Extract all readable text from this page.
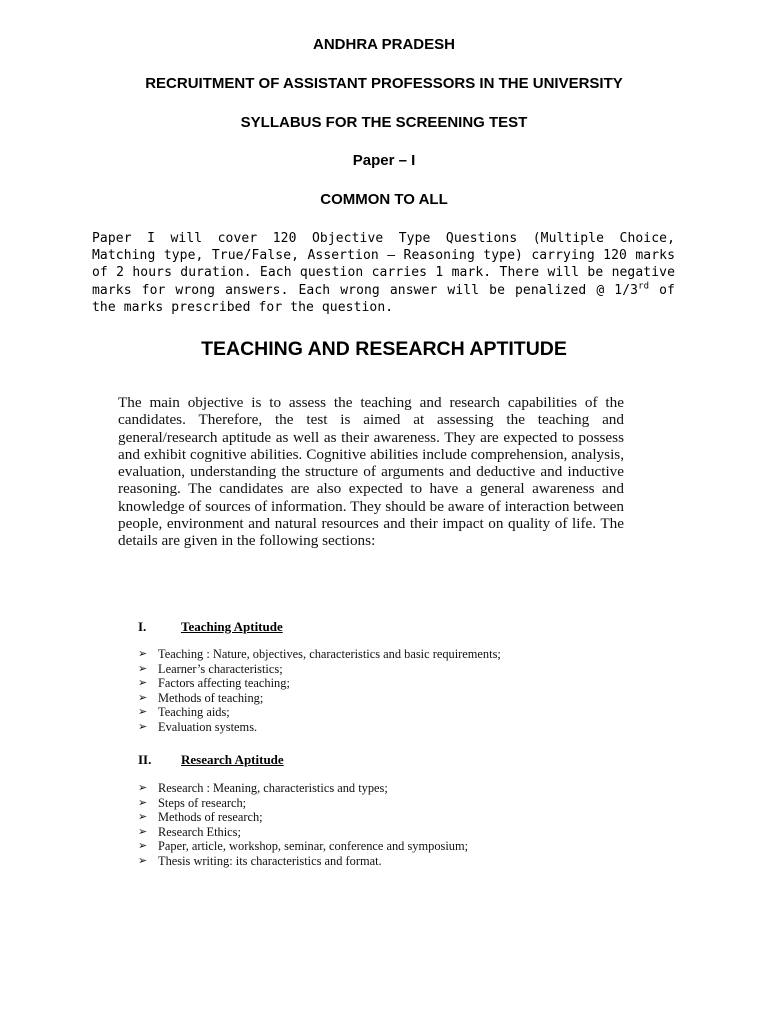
ANDHRA PRADESH
RECRUITMENT OF ASSISTANT PROFESSORS IN THE UNIVERSITY
SYLLABUS FOR THE SCREENING TEST
Paper – I
COMMON TO ALL

Paper I will cover 120 Objective Type Questions (Multiple Choice, Matching type, True/False, Assertion – Reasoning type) carrying 120 marks of 2 hours duration. Each question carries 1 mark. There will be negative marks for wrong answers. Each wrong answer will be penalized @ 1/3rd of the marks prescribed for the question.

TEACHING AND RESEARCH APTITUDE

The main objective is to assess the teaching and research capabilities of the candidates. Therefore, the test is aimed at assessing the teaching and general/research aptitude as well as their awareness. They are expected to possess and exhibit cognitive abilities. Cognitive abilities include comprehension, analysis, evaluation, understanding the structure of arguments and deductive and inductive reasoning. The candidates are also expected to have a general awareness and knowledge of sources of information. They should be aware of interaction between people, environment and natural resources and their impact on quality of life. The details are given in the following sections:

I.	Teaching Aptitude
➢ Teaching : Nature, objectives, characteristics and basic requirements;
➢ Learner’s characteristics;
➢ Factors affecting teaching;
➢ Methods of teaching;
➢ Teaching aids;
➢ Evaluation systems.
II. Research Aptitude
➢ Research : Meaning, characteristics and types;
➢ Steps of research;
➢ Methods of research;
➢ Research Ethics;
➢ Paper, article, workshop, seminar, conference and symposium;
➢ Thesis writing: its characteristics and format.
